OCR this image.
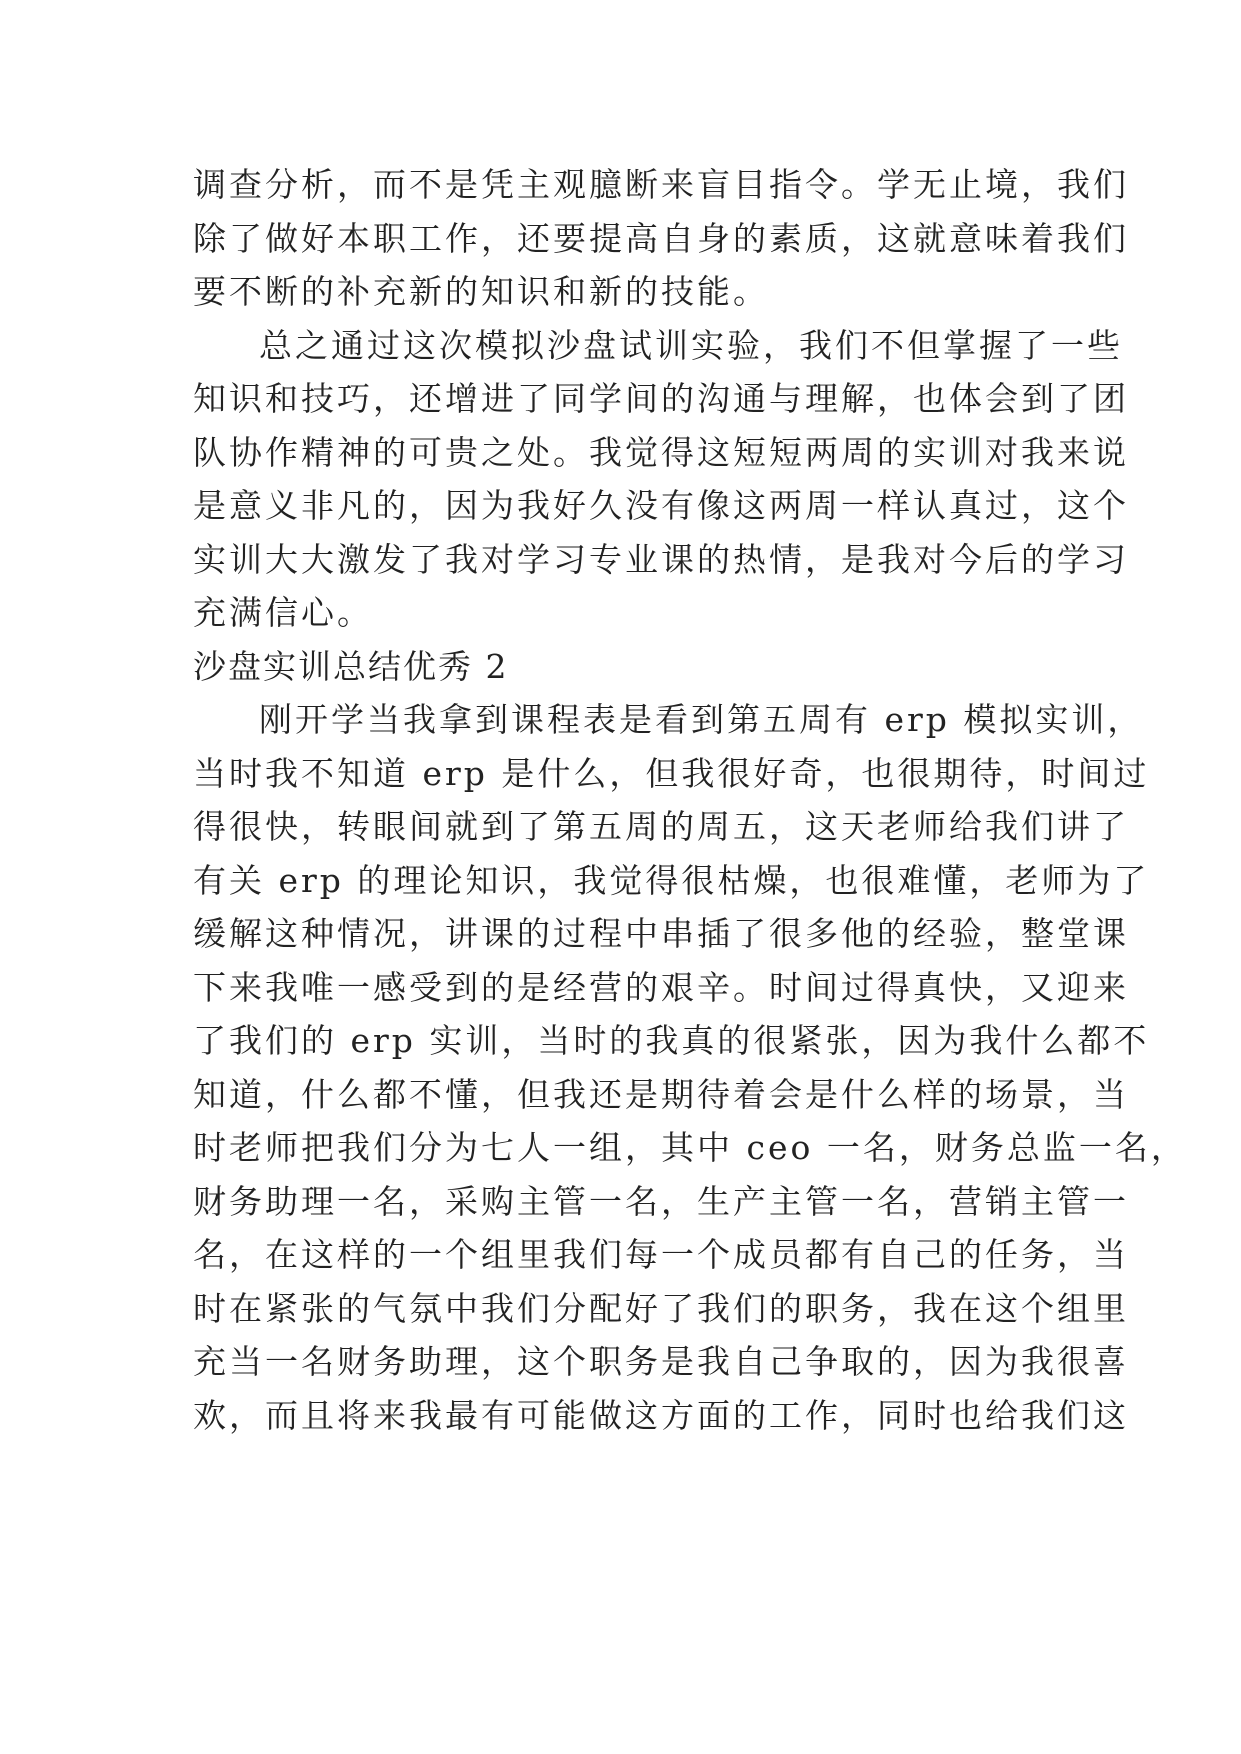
调查分析，而不是凭主观臆断来盲目指令。学无止境，我们
除了做好本职工作，还要提高自身的素质，这就意味着我们
要不断的补充新的知识和新的技能。
总之通过这次模拟沙盘试训实验，我们不但掌握了一些
知识和技巧，还增进了同学间的沟通与理解，也体会到了团
队协作精神的可贵之处。我觉得这短短两周的实训对我来说
是意义非凡的，因为我好久没有像这两周一样认真过，这个
实训大大激发了我对学习专业课的热情，是我对今后的学习
充满信心。
沙盘实训总结优秀 2
刚开学当我拿到课程表是看到第五周有 erp 模拟实训，
当时我不知道 erp 是什么，但我很好奇，也很期待，时间过
得很快，转眼间就到了第五周的周五，这天老师给我们讲了
有关 erp 的理论知识，我觉得很枯燥，也很难懂，老师为了
缓解这种情况，讲课的过程中串插了很多他的经验，整堂课
下来我唯一感受到的是经营的艰辛。时间过得真快，又迎来
了我们的 erp 实训，当时的我真的很紧张，因为我什么都不
知道，什么都不懂，但我还是期待着会是什么样的场景，当
时老师把我们分为七人一组，其中 ceo 一名，财务总监一名，
财务助理一名，采购主管一名，生产主管一名，营销主管一
名，在这样的一个组里我们每一个成员都有自己的任务，当
时在紧张的气氛中我们分配好了我们的职务，我在这个组里
充当一名财务助理，这个职务是我自己争取的，因为我很喜
欢，而且将来我最有可能做这方面的工作，同时也给我们这
